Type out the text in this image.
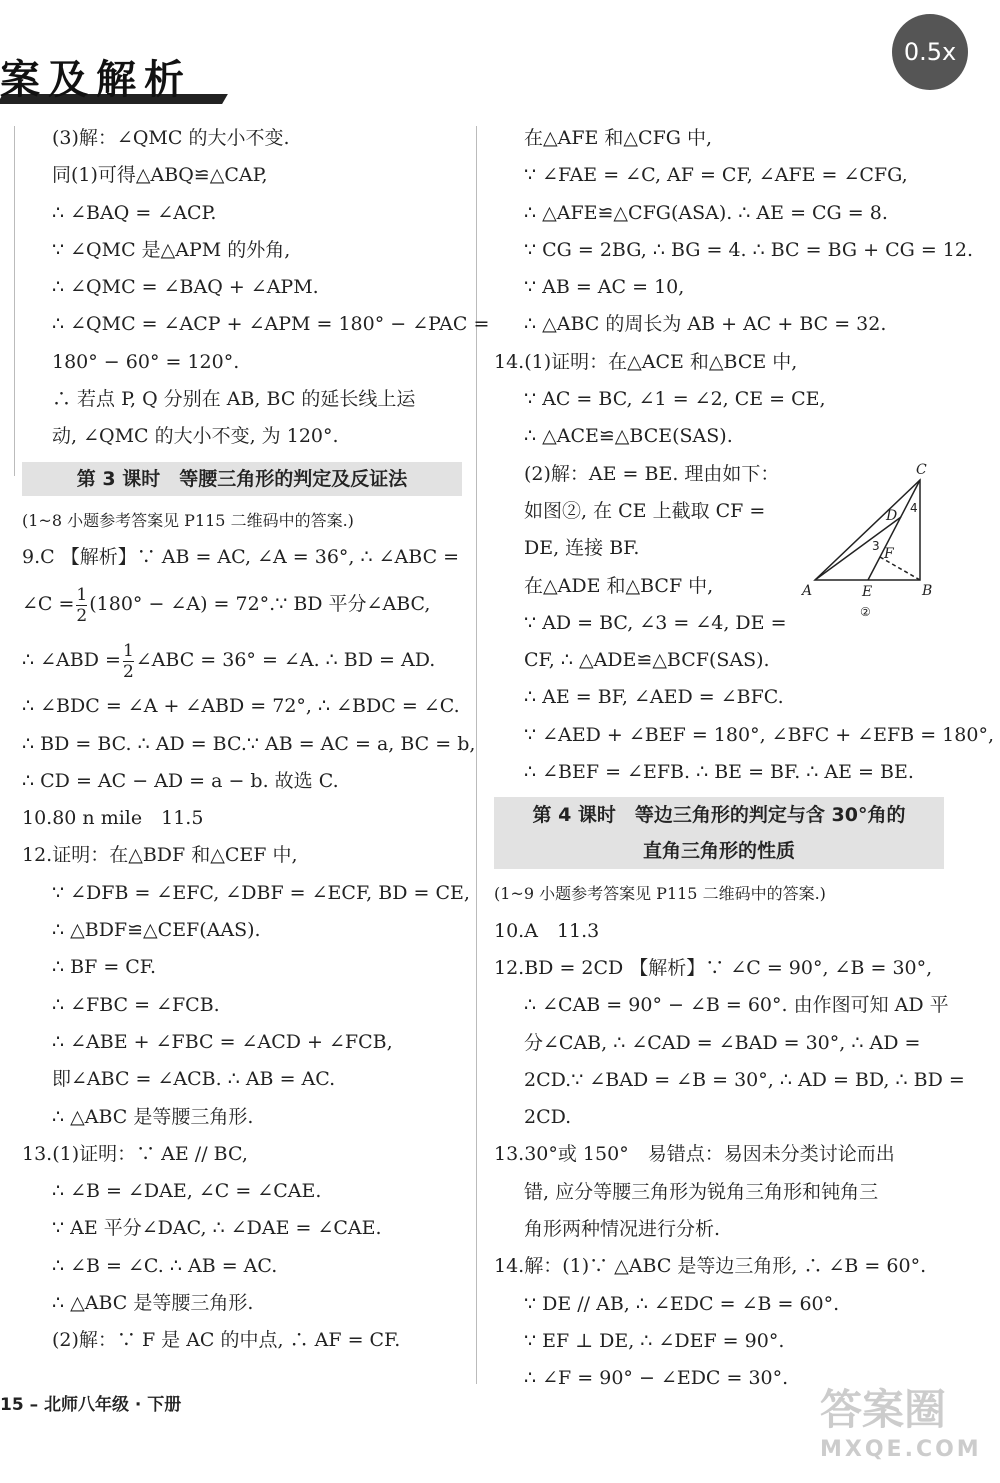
案及解析
0.5x
(3)解：∠QMC 的大小不变.
同(1)可得△ABQ≌△CAP,
∴ ∠BAQ = ∠ACP.
∵ ∠QMC 是△APM 的外角,
∴ ∠QMC = ∠BAQ + ∠APM.
∴ ∠QMC = ∠ACP + ∠APM = 180° − ∠PAC =
180° − 60° = 120°.
∴ 若点 P, Q 分别在 AB, BC 的延长线上运
动, ∠QMC 的大小不变, 为 120°.
第 3 课时　等腰三角形的判定及反证法
(1~8 小题参考答案见 P115 二维码中的答案.)
9.C 【解析】∵ AB = AC, ∠A = 36°, ∴ ∠ABC =
∠C = $\frac{1}{2} (180^\circ$ − ∠A) = 72°.∵ BD 平分∠ABC,
∴ ∠ABD = $\frac{1}{2}$ ∠ABC = 36° = ∠A. ∴ BD = AD.
∴ ∠BDC = ∠A + ∠ABD = 72°, ∴ ∠BDC = ∠C.
∴ BD = BC. ∴ AD = BC.∵ AB = AC = a, BC = b,
∴ CD = AC − AD = a − b. 故选 C.
10.80 n mile　11.5
12.证明：在△BDF 和△CEF 中,
∵ ∠DFB = ∠EFC, ∠DBF = ∠ECF, BD = CE,
∴ △BDF≌△CEF(AAS).
∴ BF = CF.
∴ ∠FBC = ∠FCB.
∴ ∠ABE + ∠FBC = ∠ACD + ∠FCB,
即∠ABC = ∠ACB. ∴ AB = AC.
∴ △ABC 是等腰三角形.
13.(1)证明：∵ AE // BC,
∴ ∠B = ∠DAE, ∠C = ∠CAE.
∵ AE 平分∠DAC, ∴ ∠DAE = ∠CAE.
∴ ∠B = ∠C. ∴ AB = AC.
∴ △ABC 是等腰三角形.
(2)解：∵ F 是 AC 的中点, ∴ AF = CF.
在△AFE 和△CFG 中,
∵ ∠FAE = ∠C, AF = CF, ∠AFE = ∠CFG,
∴ △AFE≌△CFG(ASA). ∴ AE = CG = 8.
∵ CG = 2BG, ∴ BG = 4. ∴ BC = BG + CG = 12.
∵ AB = AC = 10,
∴ △ABC 的周长为 AB + AC + BC = 32.
14.(1)证明：在△ACE 和△BCE 中,
∵ AC = BC, ∠1 = ∠2, CE = CE,
∴ △ACE≌△BCE(SAS).
(2)解：AE = BE. 理由如下：
如图②, 在 CE 上截取 CF =
DE, 连接 BF.
在△ADE 和△BCF 中,
∵ AD = BC, ∠3 = ∠4, DE =
CF, ∴ △ADE≌△BCF(SAS).
∴ AE = BF, ∠AED = ∠BFC.
∵ ∠AED + ∠BEF = 180°, ∠BFC + ∠EFB = 180°,
∴ ∠BEF = ∠EFB. ∴ BE = BF. ∴ AE = BE.
第 4 课时　等边三角形的判定与含 30°角的
直角三角形的性质
(1~9 小题参考答案见 P115 二维码中的答案.)
10.A　11.3
12.BD = 2CD 【解析】∵ ∠C = 90°, ∠B = 30°,
∴ ∠CAB = 90° − ∠B = 60°. 由作图可知 AD 平
分∠CAB, ∴ ∠CAD = ∠BAD = 30°, ∴ AD =
2CD.∵ ∠BAD = ∠B = 30°, ∴ AD = BD, ∴ BD =
2CD.
13.30°或 150°　易错点：易因未分类讨论而出
错, 应分等腰三角形为锐角三角形和钝角三
角形两种情况进行分析.
14.解：(1)∵ △ABC 是等边三角形, ∴ ∠B = 60°.
∵ DE // AB, ∴ ∠EDC = ∠B = 60°.
∵ EF ⊥ DE, ∴ ∠DEF = 90°.
∴ ∠F = 90° − ∠EDC = 30°.
C
D
F
A	E	B
3
4
②
15 – 北师八年级 · 下册	答案圈
MXQE.COM
